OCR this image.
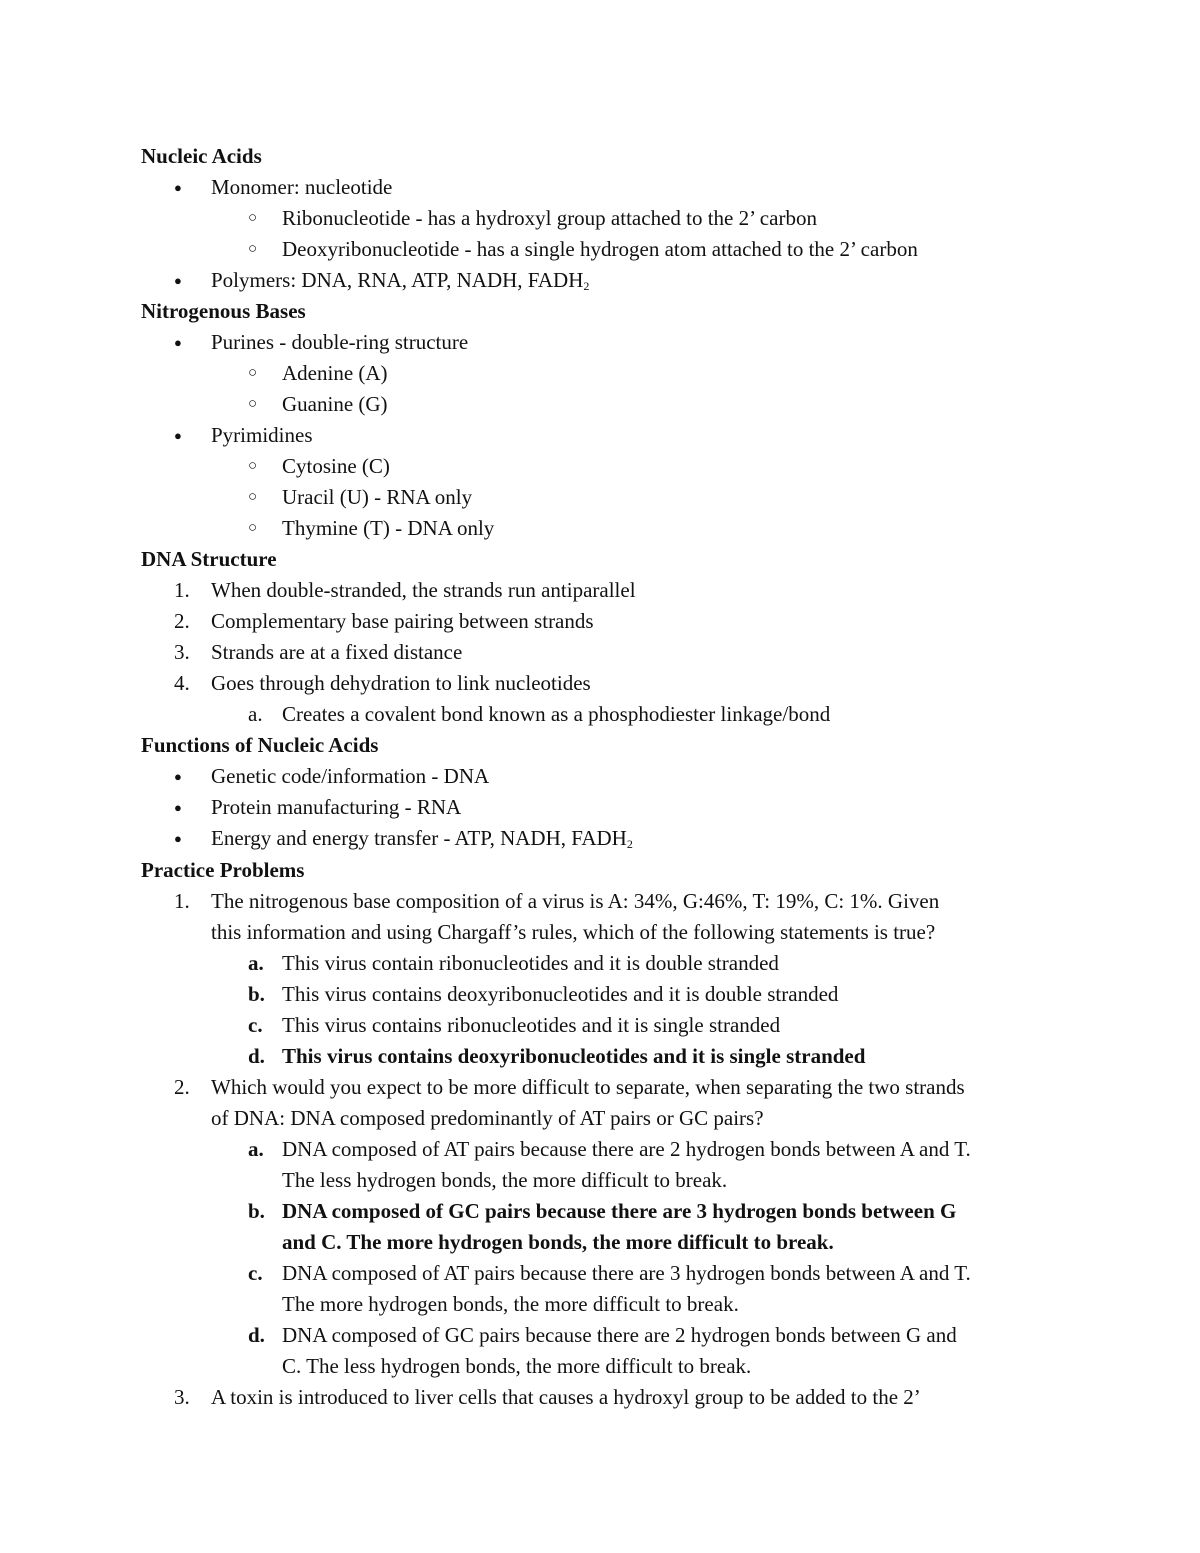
Nucleic Acids
● Monomer: nucleotide
○ Ribonucleotide - has a hydroxyl group attached to the 2’ carbon
○ Deoxyribonucleotide - has a single hydrogen atom attached to the 2’ carbon
● Polymers: DNA, RNA, ATP, NADH, $FADH_2$
Nitrogenous Bases
● Purines - double-ring structure
○ Adenine (A)
○ Guanine (G)
● Pyrimidines
○ Cytosine (C)
○ Uracil (U) - RNA only
○ Thymine (T) - DNA only
DNA Structure
1. When double-stranded, the strands run antiparallel
2. Complementary base pairing between strands
3. Strands are at a fixed distance
4. Goes through dehydration to link nucleotides
a. Creates a covalent bond known as a phosphodiester linkage/bond
Functions of Nucleic Acids
● Genetic code/information - DNA
● Protein manufacturing - RNA
● Energy and energy transfer - ATP, NADH, $FADH_2$
Practice Problems
1. The nitrogenous base composition of a virus is A: 34%, G:46%, T: 19%, C: 1%. Given
this information and using Chargaff’s rules, which of the following statements is true?
a. This virus contain ribonucleotides and it is double stranded
b. This virus contains deoxyribonucleotides and it is double stranded
c. This virus contains ribonucleotides and it is single stranded
d. This virus contains deoxyribonucleotides and it is single stranded
2. Which would you expect to be more difficult to separate, when separating the two strands
of DNA: DNA composed predominantly of AT pairs or GC pairs?
a. DNA composed of AT pairs because there are 2 hydrogen bonds between A and T.
The less hydrogen bonds, the more difficult to break.
b. DNA composed of GC pairs because there are 3 hydrogen bonds between G
and C. The more hydrogen bonds, the more difficult to break.
c. DNA composed of AT pairs because there are 3 hydrogen bonds between A and T.
The more hydrogen bonds, the more difficult to break.
d. DNA composed of GC pairs because there are 2 hydrogen bonds between G and
C. The less hydrogen bonds, the more difficult to break.
3. A toxin is introduced to liver cells that causes a hydroxyl group to be added to the 2’
